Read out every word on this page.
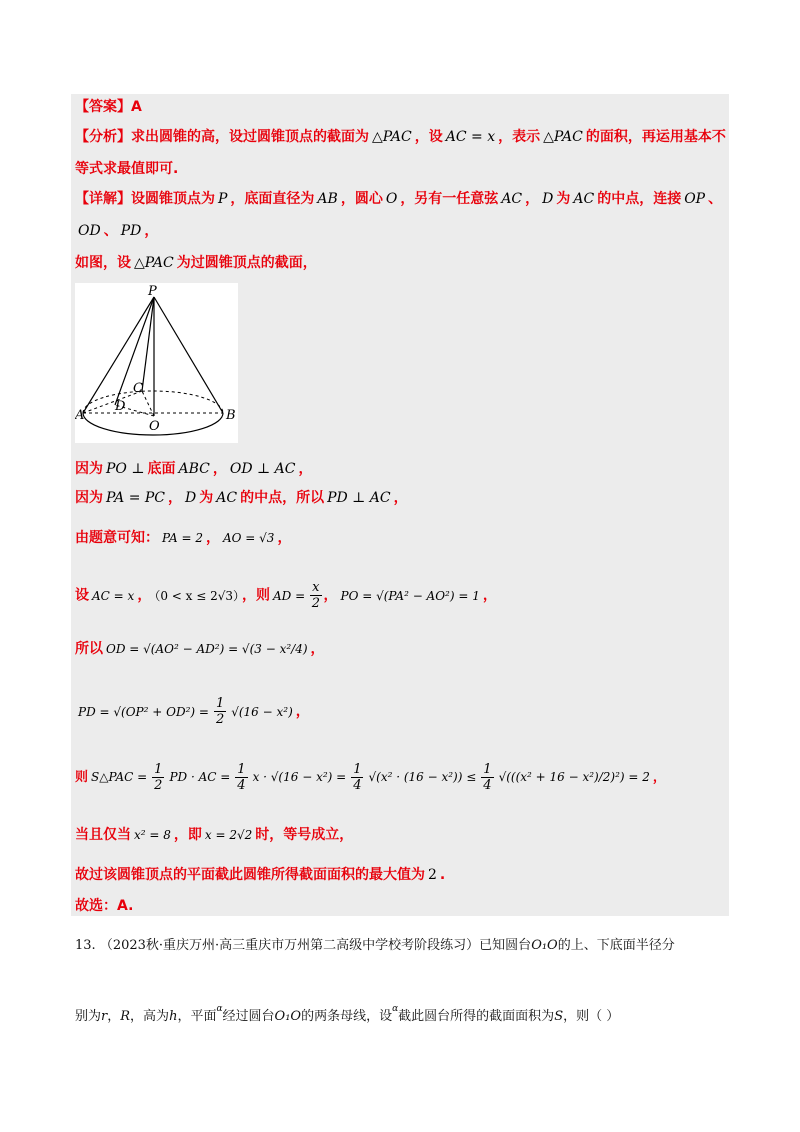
【答案】A
【分析】求出圆锥的高，设过圆锥顶点的截面为 △PAC ，设 AC = x ，表示 △PAC 的面积，再运用基本不
等式求最值即可.
【详解】设圆锥顶点为 P ，底面直径为 AB ，圆心 O ，另有一任意弦 AC ， D 为 AC 的中点，连接 OP 、
OD 、 PD ，
如图，设 △PAC 为过圆锥顶点的截面，
P
A	B
C
D
O
因为 PO ⊥ 底面 ABC ， OD ⊥ AC ，
因为 PA = PC ， D 为 AC 的中点，所以 PD ⊥ AC ，
由题意可知： PA = 2 ， AO = √3 ，
设 AC = x ， （0 < x ≤ 2√3） ，则 AD = $\frac{x}{2}$ ， PO = √(PA² − AO²) = 1 ，
所以 OD = √(AO² − AD²) = √(3 − x²/4) ，
PD = $√(OP^2 + OD^2) = \frac{1}{2} √(16 - x^2)$ ，
则 S△PAC = $\frac{1}{2}$ PD · AC = $\frac{1}{4}$ $x \cdot √(16 - x^2) = \frac{1}{4} √(x^2 \cdot (16 - x^2)) \le \frac{1}{4} √(((x^2 + 16 - x^2)/2)^2) = 2$ ，
当且仅当 x² = 8 ，即 x = 2√2 时，等号成立，
故过该圆锥顶点的平面截此圆锥所得截面面积的最大值为 2 .
故选：A.
13. （2023秋·重庆万州·高三重庆市万州第二高级中学校考阶段练习）已知圆台O₁O的上、下底面半径分
别为r，R，高为h，平面$^\alpha$经过圆台O₁O的两条母线，设$^\alpha$截此圆台所得的截面面积为S，则（ ）
